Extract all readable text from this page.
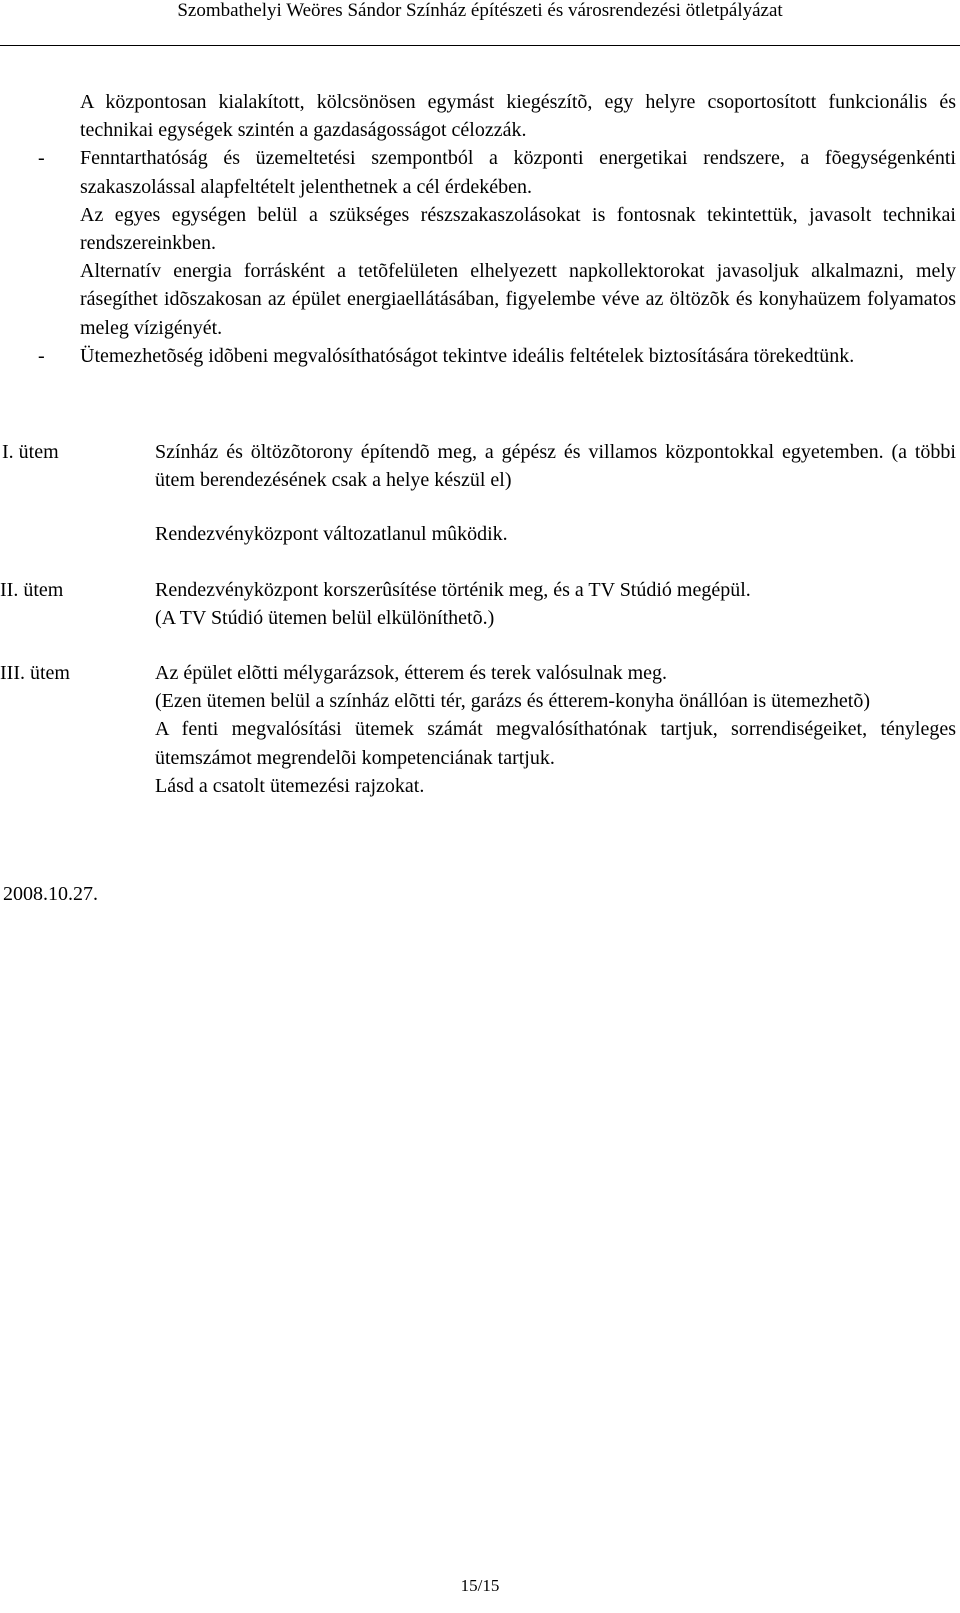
Szombathelyi Weöres Sándor Színház építészeti és városrendezési ötletpályázat

A központosan kialakított, kölcsönösen egymást kiegészítõ, egy helyre csoportosított funkcionális és technikai egységek szintén a gazdaságosságot célozzák.

- Fenntarthatóság és üzemeltetési szempontból a központi energetikai rendszere, a fõegységenkénti szakaszolással alapfeltételt jelenthetnek a cél érdekében.

Az egyes egységen belül a szükséges részszakaszolásokat is fontosnak tekintettük, javasolt technikai rendszereinkben.

Alternatív energia forrásként a tetõfelületen elhelyezett napkollektorokat javasoljuk alkalmazni, mely rásegíthet idõszakosan az épület energiaellátásában, figyelembe véve az öltözõk és konyhaüzem folyamatos meleg vízigényét.

- Ütemezhetõség idõbeni megvalósíthatóságot tekintve ideális feltételek biztosítására törekedtünk.

I. ütem	Színház és öltözõtorony építendõ meg, a gépész és villamos központokkal egyetemben. (a többi ütem berendezésének csak a helye készül el)

Rendezvényközpont változatlanul mûködik.

II. ütem	Rendezvényközpont korszerûsítése történik meg, és a TV Stúdió megépül.

(A TV Stúdió ütemen belül elkülöníthetõ.)

III. ütem	Az épület elõtti mélygarázsok, étterem és terek valósulnak meg.

(Ezen ütemen belül a színház elõtti tér, garázs és étterem-konyha önállóan is ütemezhetõ)

A fenti megvalósítási ütemek számát megvalósíthatónak tartjuk, sorrendiségeiket, tényleges ütemszámot megrendelõi kompetenciának tartjuk.

Lásd a csatolt ütemezési rajzokat.

2008.10.27.
15/15
